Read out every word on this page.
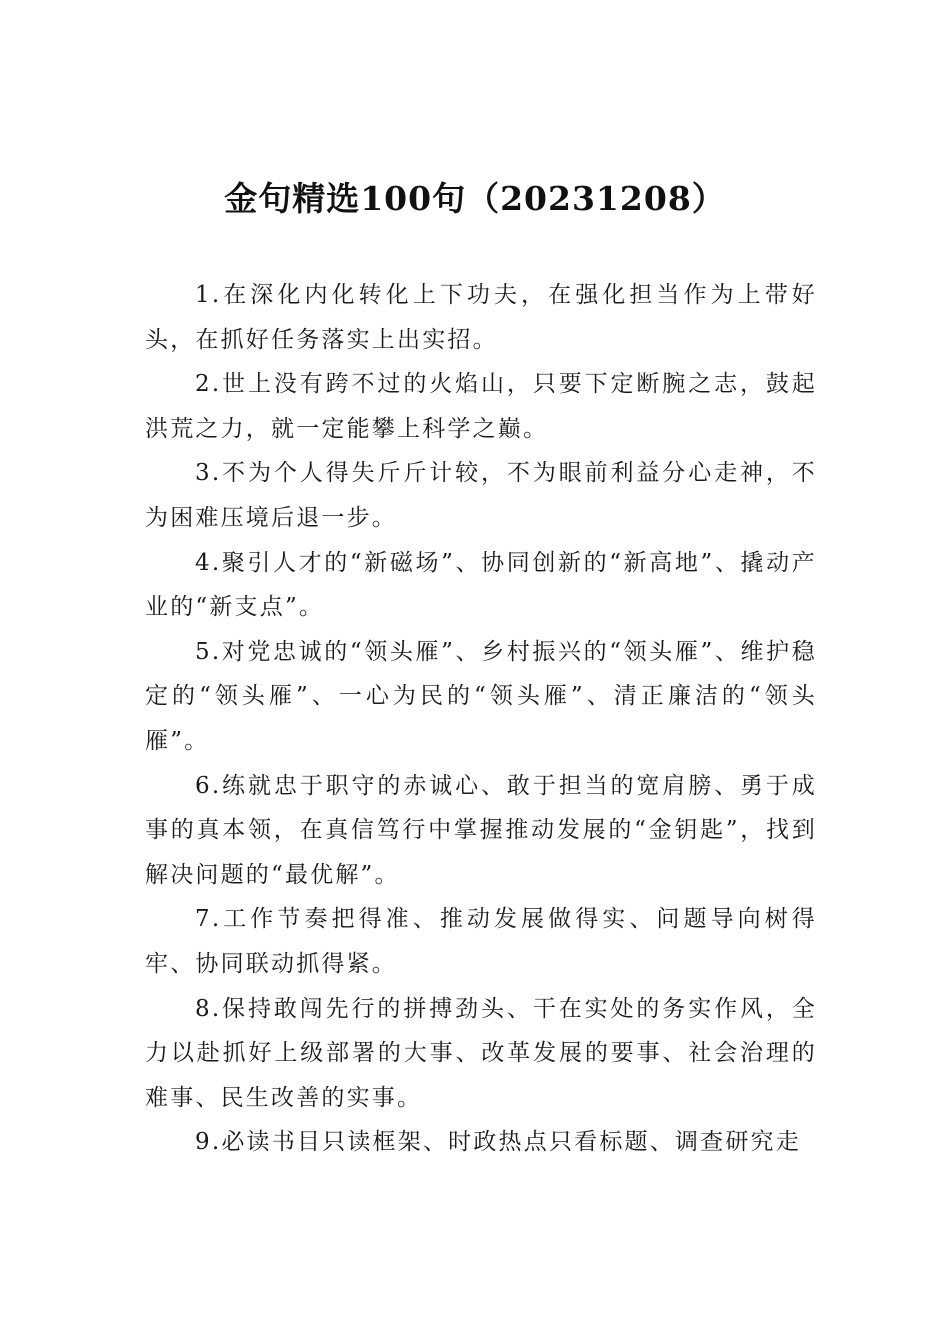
金句精选100句（20231208）

1.在深化内化转化上下功夫，在强化担当作为上带好头，在抓好任务落实上出实招。

2.世上没有跨不过的火焰山，只要下定断腕之志，鼓起洪荒之力，就一定能攀上科学之巅。

3.不为个人得失斤斤计较，不为眼前利益分心走神，不为困难压境后退一步。

4.聚引人才的“新磁场”、协同创新的“新高地”、撬动产业的“新支点”。

5.对党忠诚的“领头雁”、乡村振兴的“领头雁”、维护稳定的“领头雁”、一心为民的“领头雁”、清正廉洁的“领头雁”。

6.练就忠于职守的赤诚心、敢于担当的宽肩膀、勇于成事的真本领，在真信笃行中掌握推动发展的“金钥匙”，找到解决问题的“最优解”。

7.工作节奏把得准、推动发展做得实、问题导向树得牢、协同联动抓得紧。

8.保持敢闯先行的拼搏劲头、干在实处的务实作风，全力以赴抓好上级部署的大事、改革发展的要事、社会治理的难事、民生改善的实事。

9.必读书目只读框架、时政热点只看标题、调查研究走
